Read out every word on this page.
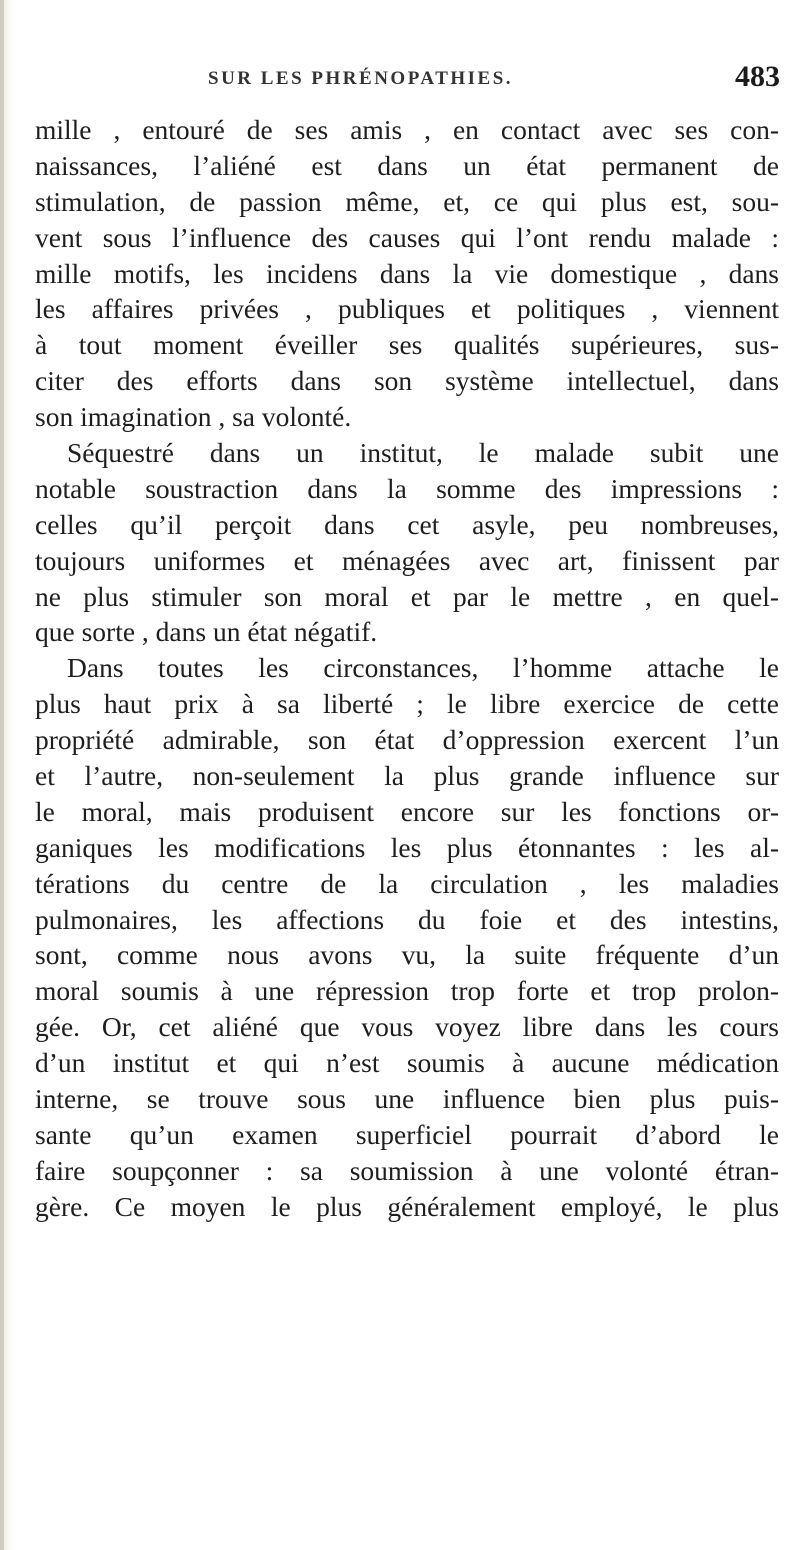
SUR LES PHRÉNOPATHIES.	483
mille , entouré de ses amis , en contact avec ses con-
naissances, l’aliéné est dans un état permanent de
stimulation, de passion même, et, ce qui plus est, sou-
vent sous l’influence des causes qui l’ont rendu malade :
mille motifs, les incidens dans la vie domestique , dans
les affaires privées , publiques et politiques , viennent
à tout moment éveiller ses qualités supérieures, sus-
citer des efforts dans son système intellectuel, dans
son imagination , sa volonté.
Séquestré dans un institut, le malade subit une
notable soustraction dans la somme des impressions :
celles qu’il perçoit dans cet asyle, peu nombreuses,
toujours uniformes et ménagées avec art, finissent par
ne plus stimuler son moral et par le mettre , en quel-
que sorte , dans un état négatif.
Dans toutes les circonstances, l’homme attache le
plus haut prix à sa liberté ; le libre exercice de cette
propriété admirable, son état d’oppression exercent l’un
et l’autre, non-seulement la plus grande influence sur
le moral, mais produisent encore sur les fonctions or-
ganiques les modifications les plus étonnantes : les al-
térations du centre de la circulation , les maladies
pulmonaires, les affections du foie et des intestins,
sont, comme nous avons vu, la suite fréquente d’un
moral soumis à une répression trop forte et trop prolon-
gée. Or, cet aliéné que vous voyez libre dans les cours
d’un institut et qui n’est soumis à aucune médication
interne, se trouve sous une influence bien plus puis-
sante qu’un examen superficiel pourrait d’abord le
faire soupçonner : sa soumission à une volonté étran-
gère. Ce moyen le plus généralement employé, le plus
